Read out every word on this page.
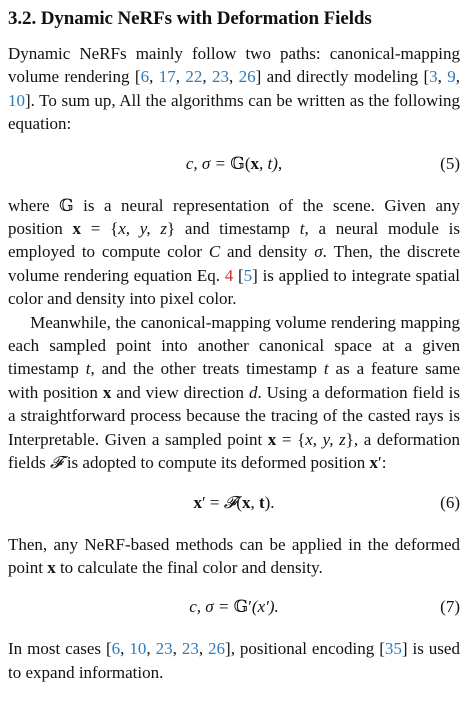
3.2. Dynamic NeRFs with Deformation Fields

Dynamic NeRFs mainly follow two paths: canonical-mapping volume rendering [6, 17, 22, 23, 26] and directly modeling [3, 9, 10]. To sum up, All the algorithms can be written as the following equation:

c, σ = 𝔾(x, t),	(5)

where 𝔾 is a neural representation of the scene. Given any position x = {x, y, z} and timestamp t, a neural module is employed to compute color C and density σ. Then, the discrete volume rendering equation Eq. 4 [5] is applied to integrate spatial color and density into pixel color.

Meanwhile, the canonical-mapping volume rendering mapping each sampled point into another canonical space at a given timestamp t, and the other treats timestamp t as a feature same with position x and view direction d. Using a deformation field is a straightforward process because the tracing of the casted rays is Interpretable. Given a sampled point x = {x, y, z}, a deformation fields 𝓕 is adopted to compute its deformed position x′:

x′ = 𝓕(x, t).	(6)

Then, any NeRF-based methods can be applied in the deformed point x to calculate the final color and density.

c, σ = 𝔾′(x′).	(7)

In most cases [6, 10, 23, 23, 26], positional encoding [35] is used to expand information.
